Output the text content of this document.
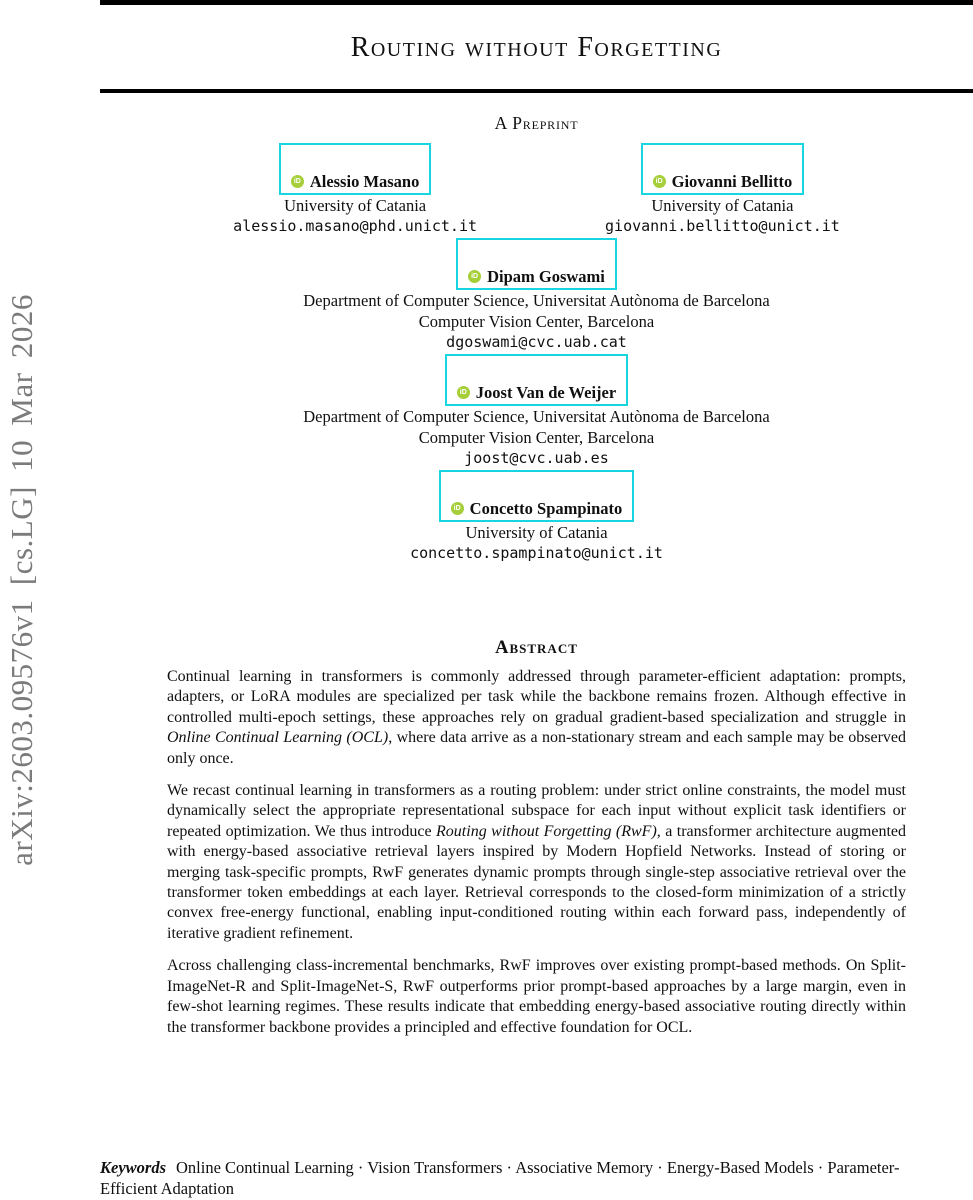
arXiv:2603.09576v1 [cs.LG] 10 Mar 2026
Routing without Forgetting
A Preprint
iD
Alessio Masano
University of Catania
alessio.masano@phd.unict.it
iD
Giovanni Bellitto
University of Catania
giovanni.bellitto@unict.it
iD
Dipam Goswami
Department of Computer Science, Universitat Autònoma de Barcelona
Computer Vision Center, Barcelona
dgoswami@cvc.uab.cat
iD
Joost Van de Weijer
Department of Computer Science, Universitat Autònoma de Barcelona
Computer Vision Center, Barcelona
joost@cvc.uab.es
iD
Concetto Spampinato
University of Catania
concetto.spampinato@unict.it
Abstract

Continual learning in transformers is commonly addressed through parameter-efficient adaptation: prompts, adapters, or LoRA modules are specialized per task while the backbone remains frozen. Although effective in controlled multi-epoch settings, these approaches rely on gradual gradient-based specialization and struggle in Online Continual Learning (OCL), where data arrive as a non-stationary stream and each sample may be observed only once.

We recast continual learning in transformers as a routing problem: under strict online constraints, the model must dynamically select the appropriate representational subspace for each input without explicit task identifiers or repeated optimization. We thus introduce Routing without Forgetting (RwF), a transformer architecture augmented with energy-based associative retrieval layers inspired by Modern Hopfield Networks. Instead of storing or merging task-specific prompts, RwF generates dynamic prompts through single-step associative retrieval over the transformer token embeddings at each layer. Retrieval corresponds to the closed-form minimization of a strictly convex free-energy functional, enabling input-conditioned routing within each forward pass, independently of iterative gradient refinement.

Across challenging class-incremental benchmarks, RwF improves over existing prompt-based methods. On Split-ImageNet-R and Split-ImageNet-S, RwF outperforms prior prompt-based approaches by a large margin, even in few-shot learning regimes. These results indicate that embedding energy-based associative routing directly within the transformer backbone provides a principled and effective foundation for OCL.

Keywords Online Continual Learning · Vision Transformers · Associative Memory · Energy-Based Models · Parameter-Efficient Adaptation
